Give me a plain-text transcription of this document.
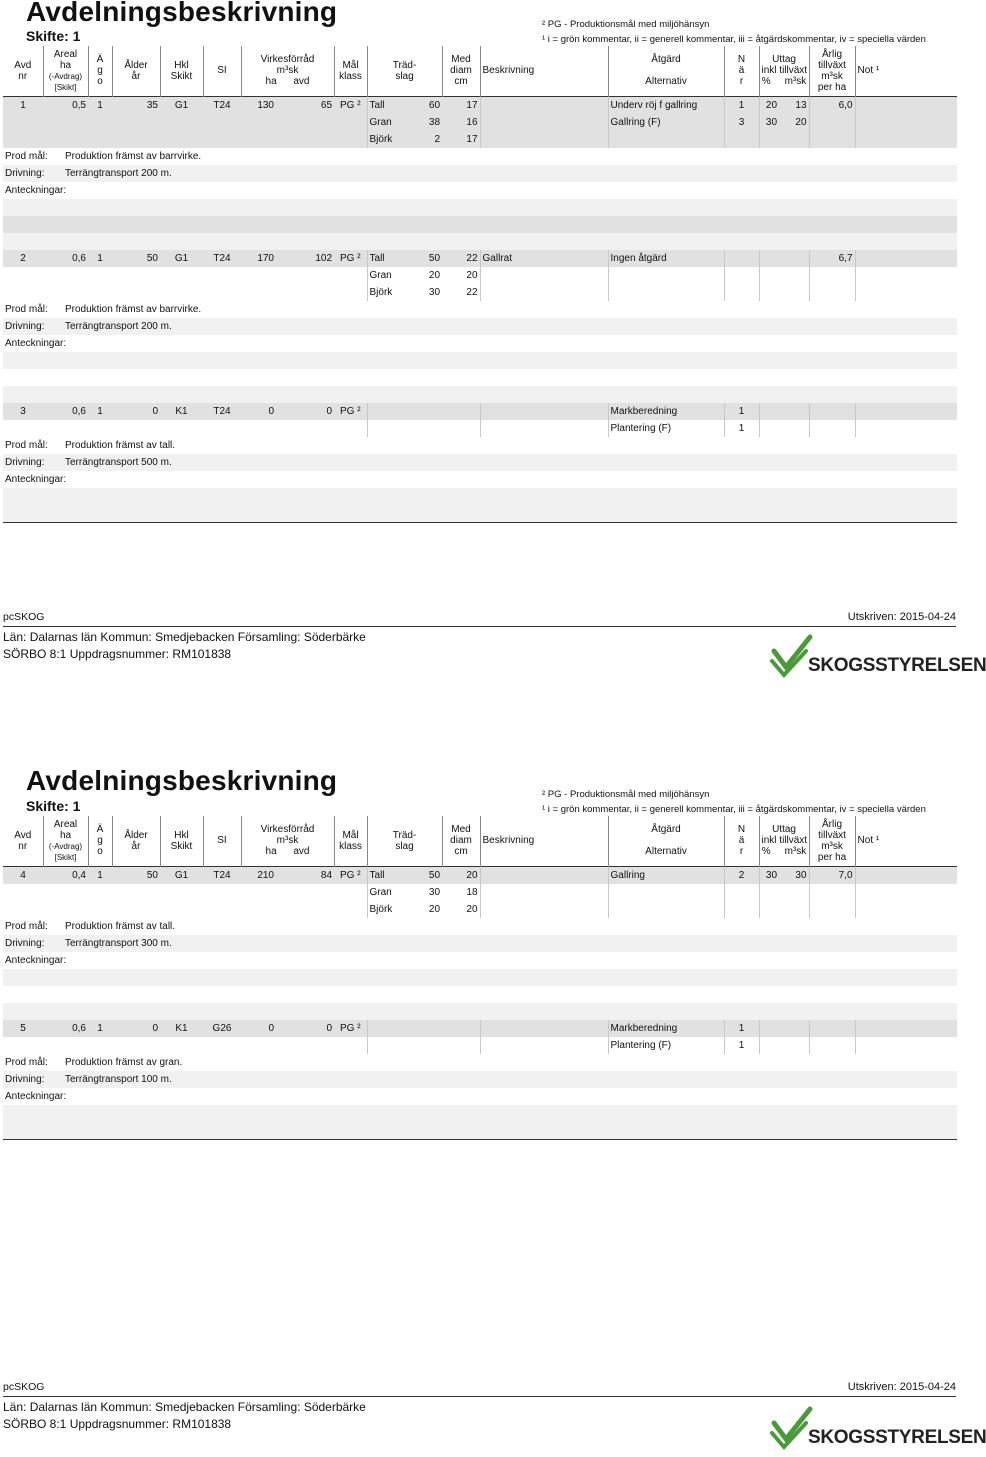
Avdelningsbeskrivning
Skifte: 1
² PG - Produktionsmål med miljöhänsyn
¹ i = grön kommentar, ii = generell kommentar, iii = åtgärdskommentar, iv = speciella värden
Avd
nr	Areal
ha
(-Avdrag)
[Skikt]	Ä
g
o	Ålder
år	Hkl
Skikt	SI	Virkesförråd
m³sk
ha avd		Mål
klass	Träd-
slag		Med
diam
cm	Beskrivning	Åtgärd

Alternativ	N
ä
r	Uttag
inkl tillväxt
% m³sk		Årlig
tillväxt
m³sk
per ha	Not ¹
1	0,5	1	35	G1	T24	130	65	PG ²	Tall	60	17		Underv röj f gallring	1	20	13	6,0	
									Gran	38	16		Gallring (F)	3	30	20		
									Björk	2	17							
Prod mål:	Produktion främst av barrvirke.																	
Drivning:	Terrängtransport 200 m.																	
Anteckningar:																		

2	0,6	1	50	G1	T24	170	102	PG ²	Tall	50	22	Gallrat	Ingen åtgärd				6,7	
									Gran	20	20							
									Björk	30	22							
Prod mål:	Produktion främst av barrvirke.																	
Drivning:	Terrängtransport 200 m.																	
Anteckningar:																		

3	0,6	1	0	K1	T24	0	0	PG ²					Markberedning	1				
													Plantering (F)	1				
Prod mål:	Produktion främst av tall.																	
Drivning:	Terrängtransport 500 m.																	
Anteckningar:																		

pcSKOG	Utskriven: 2015-04-24
Län: Dalarnas län Kommun: Smedjebacken Församling: Söderbärke
SÖRBO 8:1 Uppdragsnummer: RM101838
SKOGSSTYRELSEN
Avdelningsbeskrivning
Skifte: 1
² PG - Produktionsmål med miljöhänsyn
¹ i = grön kommentar, ii = generell kommentar, iii = åtgärdskommentar, iv = speciella värden
Avd
nr	Areal
ha
(-Avdrag)
[Skikt]	Ä
g
o	Ålder
år	Hkl
Skikt	SI	Virkesförråd
m³sk
ha avd		Mål
klass	Träd-
slag		Med
diam
cm	Beskrivning	Åtgärd

Alternativ	N
ä
r	Uttag
inkl tillväxt
% m³sk		Årlig
tillväxt
m³sk
per ha	Not ¹
4	0,4	1	50	G1	T24	210	84	PG ²	Tall	50	20		Gallring	2	30	30	7,0	
									Gran	30	18							
									Björk	20	20							
Prod mål:	Produktion främst av tall.																	
Drivning:	Terrängtransport 300 m.																	
Anteckningar:																		

5	0,6	1	0	K1	G26	0	0	PG ²					Markberedning	1				
													Plantering (F)	1				
Prod mål:	Produktion främst av gran.																	
Drivning:	Terrängtransport 100 m.																	
Anteckningar:																		

pcSKOG	Utskriven: 2015-04-24
Län: Dalarnas län Kommun: Smedjebacken Församling: Söderbärke
SÖRBO 8:1 Uppdragsnummer: RM101838
SKOGSSTYRELSEN
